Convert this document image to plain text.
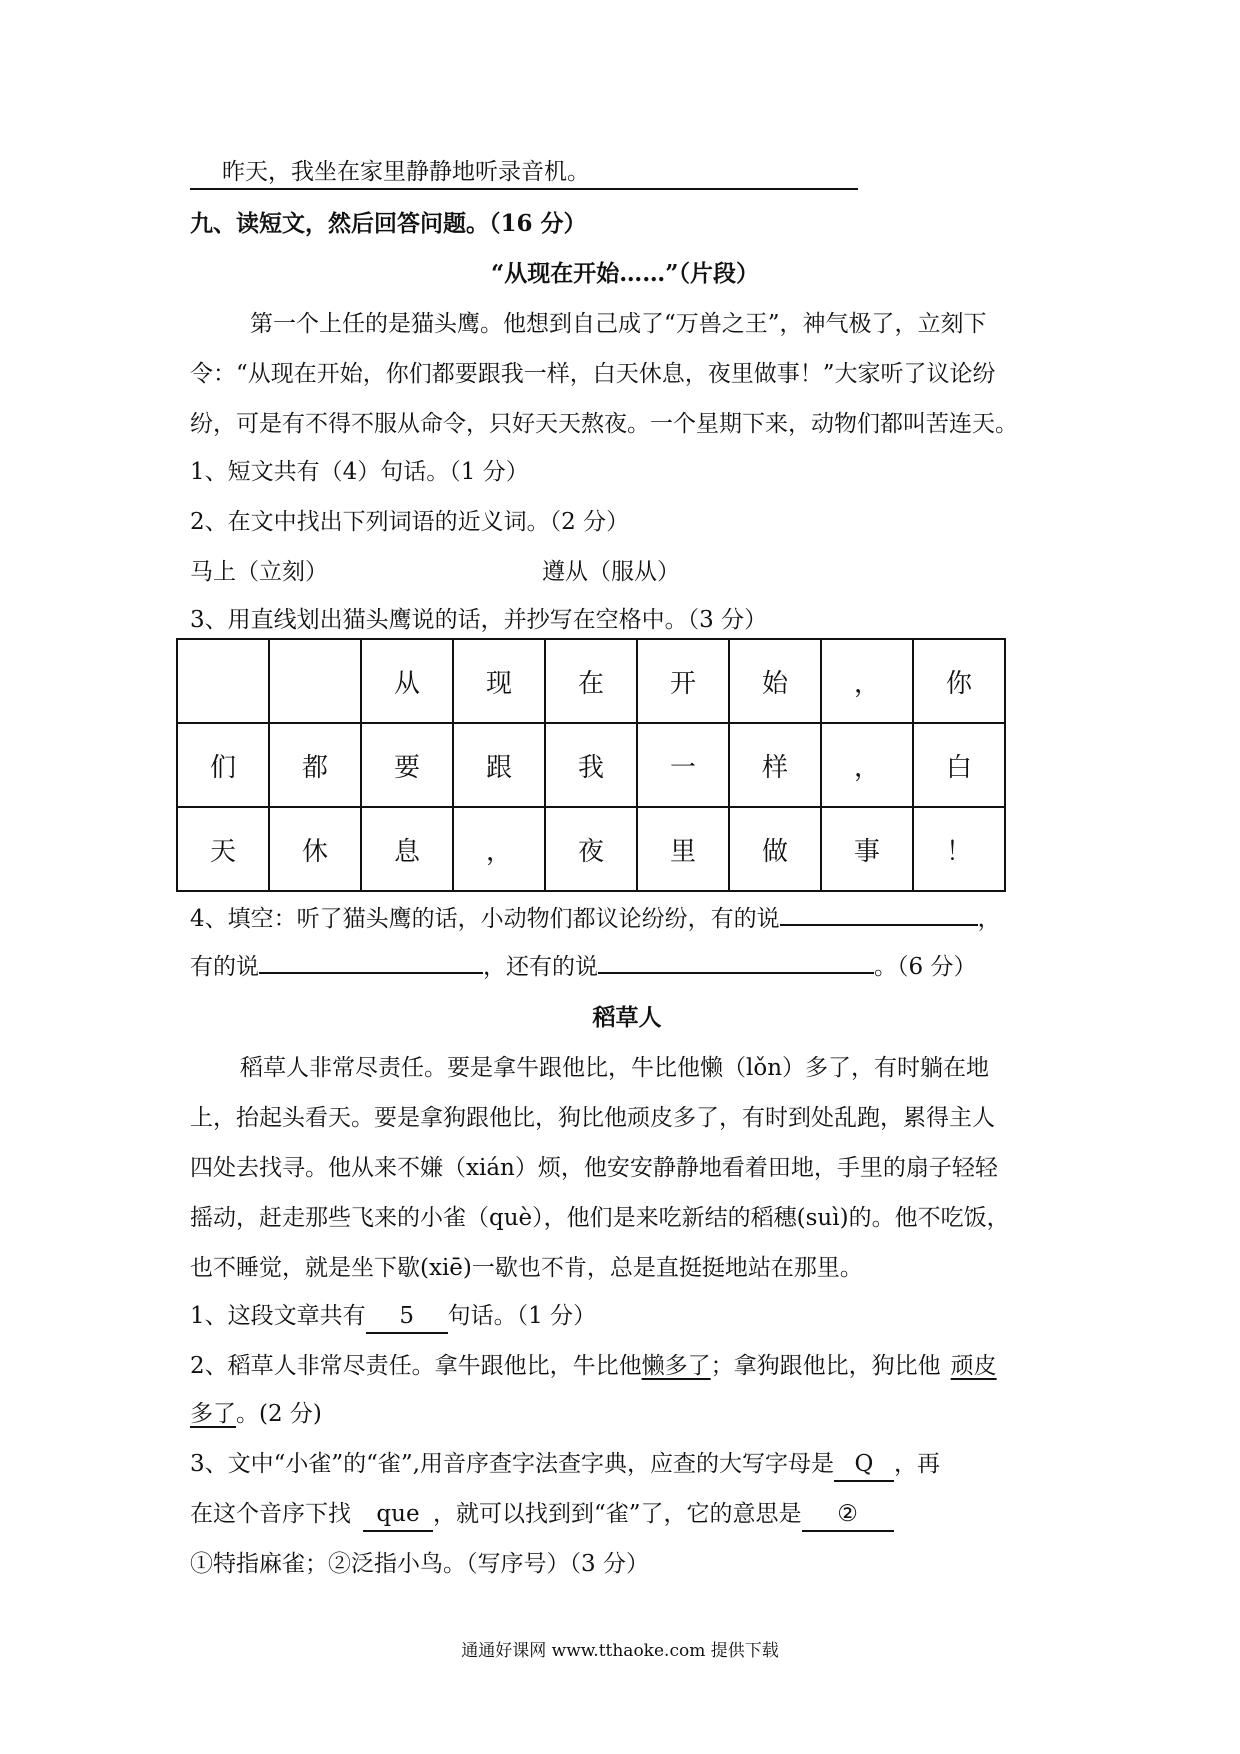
昨天，我坐在家里静静地听录音机。
九、读短文，然后回答问题。（16 分）
“从现在开始……”（片段）
第一个上任的是猫头鹰。他想到自己成了“万兽之王”，神气极了，立刻下
令：“从现在开始，你们都要跟我一样，白天休息，夜里做事！”大家听了议论纷
纷，可是有不得不服从命令，只好天天熬夜。一个星期下来，动物们都叫苦连天。
1、短文共有（4）句话。（1 分）
2、在文中找出下列词语的近义词。（2 分）
马上（立刻）	遵从（服从）
3、用直线划出猫头鹰说的话，并抄写在空格中。（3 分）
		从	现	在	开	始	，	你
们	都	要	跟	我	一	样	，	白
天	休	息	，	夜	里	做	事	！
4、填空：听了猫头鹰的话，小动物们都议论纷纷，有的说	，
有的说	，还有的说	。（6 分）
稻草人
稻草人非常尽责任。要是拿牛跟他比，牛比他懒（lǒn）多了，有时躺在地
上，抬起头看天。要是拿狗跟他比，狗比他顽皮多了，有时到处乱跑，累得主人
四处去找寻。他从来不嫌（xián）烦，他安安静静地看着田地，手里的扇子轻轻
摇动，赶走那些飞来的小雀（què），他们是来吃新结的稻穗(suì)的。他不吃饭，
也不睡觉，就是坐下歇(xiē)一歇也不肯，总是直挺挺地站在那里。
1、这段文章共有 5 句话。（1 分）
2、稻草人非常尽责任。拿牛跟他比，牛比他懒多了；拿狗跟他比，狗比他 顽皮
多了。(2 分)
3、文中“小雀”的“雀”,用音序查字法查字典，应查的大写字母是 Q ，再
在这个音序下找 que ，就可以找到到“雀”了，它的意思是 ②
①特指麻雀；②泛指小鸟。（写序号）（3 分）
通通好课网 www.tthaoke.com 提供下载
